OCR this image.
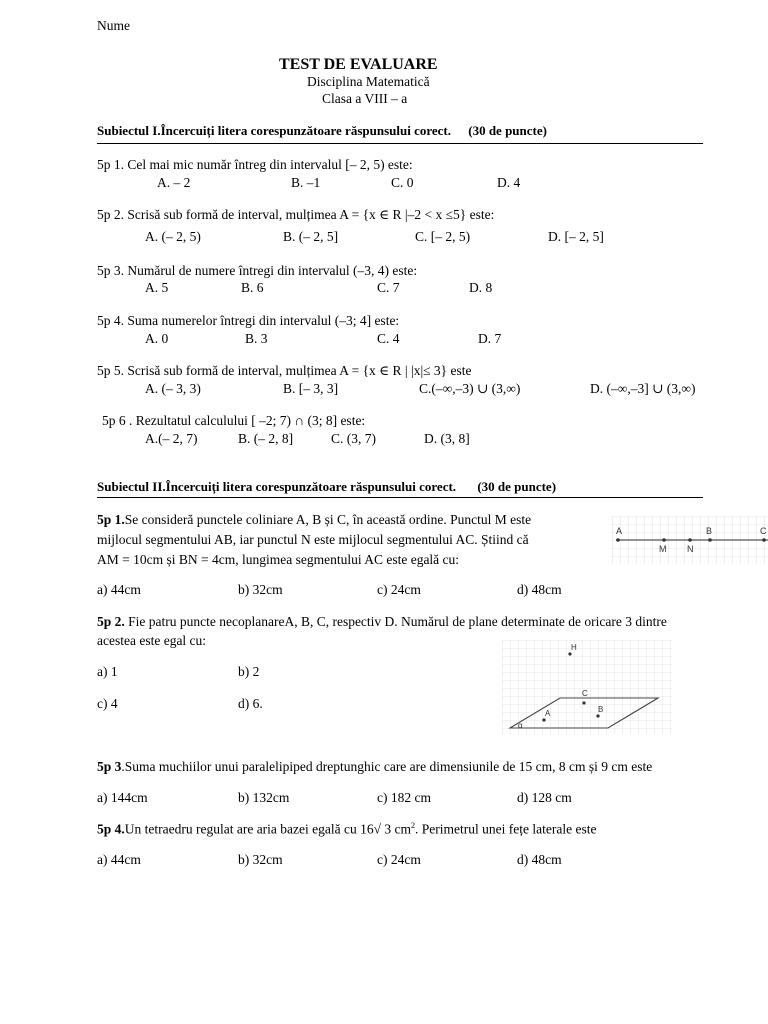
Nume
TEST DE EVALUARE
Disciplina Matematică
Clasa a VIII – a
Subiectul I.Încercuiți litera corespunzătoare răspunsului corect. (30 de puncte)
5p 1. Cel mai mic număr întreg din intervalul [– 2, 5) este:
A. – 2	B. –1	C. 0	D. 4
5p 2. Scrisă sub formă de interval, mulțimea A = {x ∈ R |–2 < x ≤5} este:
A. (– 2, 5)	B. (– 2, 5]	C. [– 2, 5)	D. [– 2, 5]
5p 3. Numărul de numere întregi din intervalul (–3, 4) este:
A. 5	B. 6	C. 7	D. 8
5p 4. Suma numerelor întregi din intervalul (–3; 4] este:
A. 0	B. 3	C. 4	D. 7
5p 5. Scrisă sub formă de interval, mulțimea A = {x ∈ R | |x|≤ 3} este
A. (– 3, 3)	B. [– 3, 3]	C.(–∞,–3) ∪ (3,∞)	D. (–∞,–3] ∪ (3,∞)
5p 6 . Rezultatul calculului [ –2; 7) ∩ (3; 8] este:
A.(– 2, 7)	B. (– 2, 8]	C. (3, 7)	D. (3, 8]
Subiectul II.Încercuiți litera corespunzătoare răspunsului corect. (30 de puncte)
5p 1.Se consideră punctele coliniare A, B și C, în această ordine. Punctul M este
mijlocul segmentului AB, iar punctul N este mijlocul segmentului AC. Știind că
AM = 10cm și BN = 4cm, lungimea segmentului AC este egală cu:
a) 44cm	b) 32cm	c) 24cm	d) 48cm
A	B	C
M N
5p 2. Fie patru puncte necoplanareA, B, C, respectiv D. Numărul de plane determinate de oricare 3 dintre
acestea este egal cu:
a) 1	b) 2
c) 4	d) 6.
H
C
A	B
α
5p 3.Suma muchiilor unui paralelipiped dreptunghic care are dimensiunile de 15 cm, 8 cm și 9 cm este
a) 144cm	b) 132cm	c) 182 cm	d) 128 cm
5p 4.Un tetraedru regulat are aria bazei egală cu 16√ 3 $cm^2$. Perimetrul unei fețe laterale este
a) 44cm	b) 32cm	c) 24cm	d) 48cm
